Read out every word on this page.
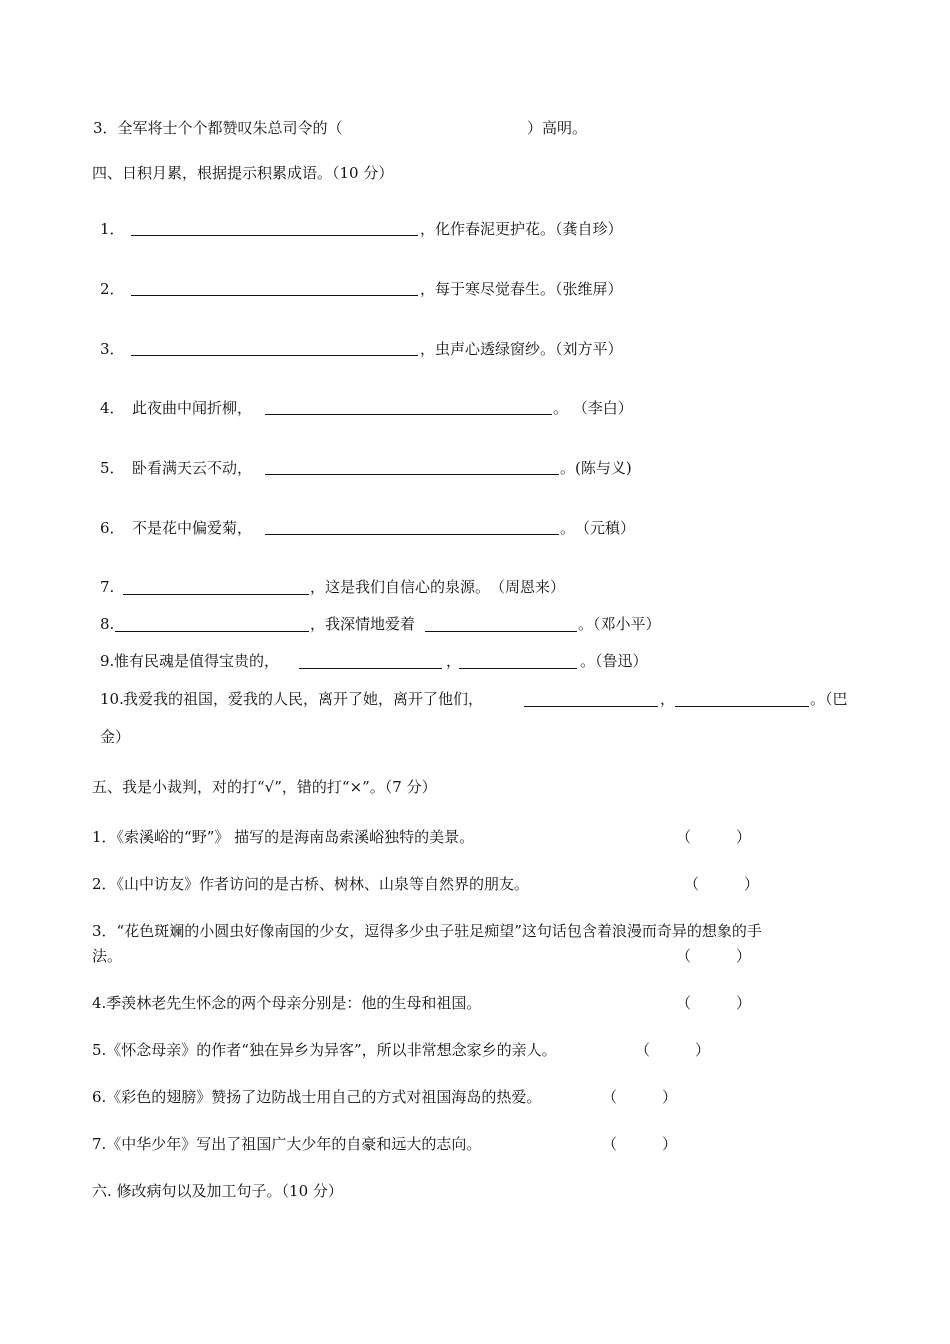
3．全军将士个个都赞叹朱总司令的（	）高明。
四、日积月累，根据提示积累成语。（10 分）
1．	，化作春泥更护花。（龚自珍）
2．	，每于寒尽觉春生。（张维屏）
3．	，虫声心透绿窗纱。（刘方平）
4． 此夜曲中闻折柳，	。 （李白）
5． 卧看满天云不动，	。(陈与义)
6． 不是花中偏爱菊，	。　（元稹）
7.	，这是我们自信心的泉源。　（周恩来）
8.	，我深情地爱着	。（邓小平）
9. 惟有民魂是值得宝贵的，	，	。（鲁迅）
10. 我爱我的祖国，爱我的人民，离开了她，离开了他们，	，	。（巴
金）
五、我是小裁判，对的打“√”，错的打“×”。（7 分）
1．《索溪峪的“野”》 描写的是海南岛索溪峪独特的美景。	（　　　）
2．《山中访友》作者访问的是古桥、树林、山泉等自然界的朋友。	（　　　）
3．“花色斑斓的小圆虫好像南国的少女，逗得多少虫子驻足痴望”这句话包含着浪漫而奇异的想象的手
法。	（　　　）
4.季羡林老先生怀念的两个母亲分别是：他的生母和祖国。	（　　　）
5.《怀念母亲》的作者“独在异乡为异客”，所以非常想念家乡的亲人。	（　　　）
6.《彩色的翅膀》赞扬了边防战士用自己的方式对祖国海岛的热爱。	（　　　）
7.《中华少年》写出了祖国广大少年的自豪和远大的志向。	（　　　）
六. 修改病句以及加工句子。（10 分）
